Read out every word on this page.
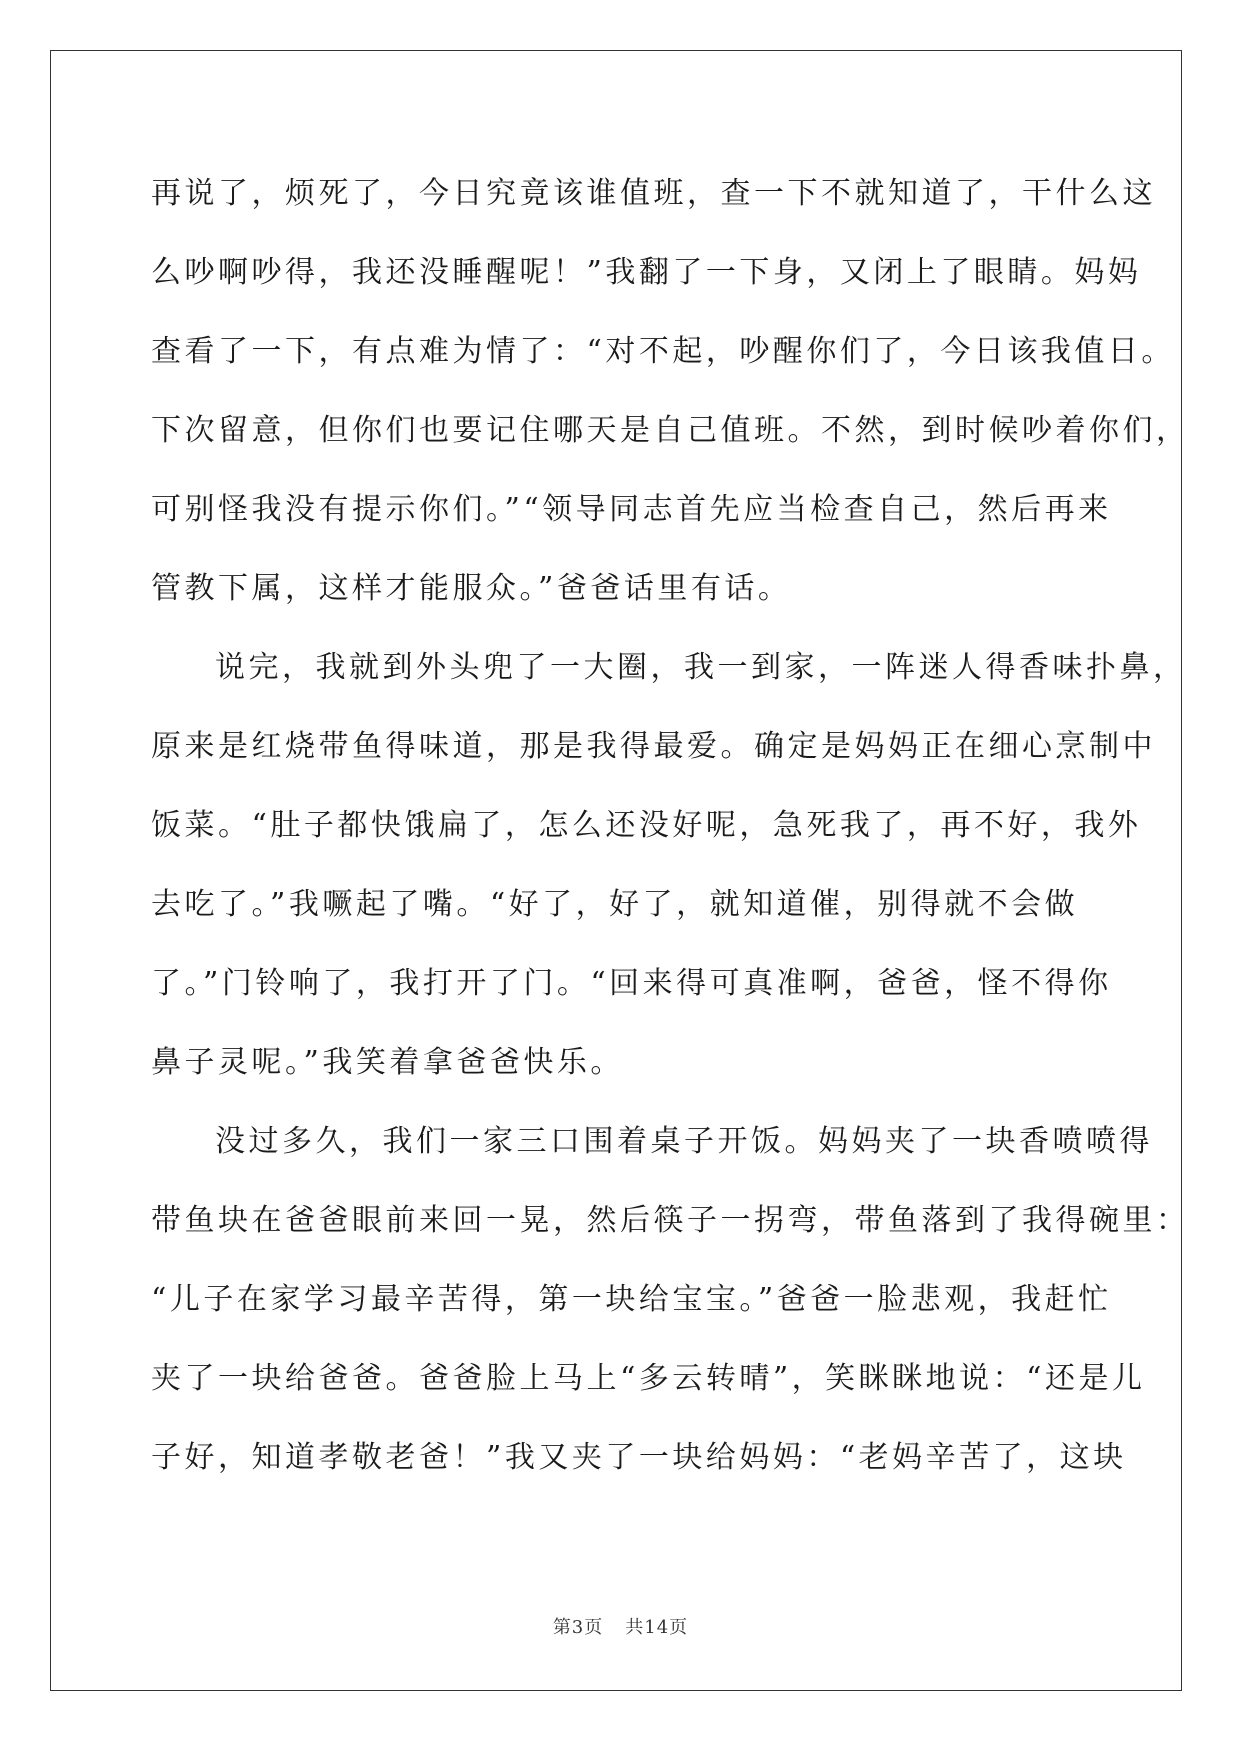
再说了，烦死了，今日究竟该谁值班，查一下不就知道了，干什么这
么吵啊吵得，我还没睡醒呢！”我翻了一下身，又闭上了眼睛。妈妈
查看了一下，有点难为情了：“对不起，吵醒你们了，今日该我值日。
下次留意，但你们也要记住哪天是自己值班。不然，到时候吵着你们，
可别怪我没有提示你们。”“领导同志首先应当检查自己，然后再来
管教下属，这样才能服众。”爸爸话里有话。
说完，我就到外头兜了一大圈，我一到家，一阵迷人得香味扑鼻，
原来是红烧带鱼得味道，那是我得最爱。确定是妈妈正在细心烹制中
饭菜。“肚子都快饿扁了，怎么还没好呢，急死我了，再不好，我外
去吃了。”我噘起了嘴。“好了，好了，就知道催，别得就不会做
了。”门铃响了，我打开了门。“回来得可真准啊，爸爸，怪不得你
鼻子灵呢。”我笑着拿爸爸快乐。
没过多久，我们一家三口围着桌子开饭。妈妈夹了一块香喷喷得
带鱼块在爸爸眼前来回一晃，然后筷子一拐弯，带鱼落到了我得碗里：
“儿子在家学习最辛苦得，第一块给宝宝。”爸爸一脸悲观，我赶忙
夹了一块给爸爸。爸爸脸上马上“多云转晴”，笑眯眯地说：“还是儿
子好，知道孝敬老爸！”我又夹了一块给妈妈：“老妈辛苦了，这块
第3页 共14页
